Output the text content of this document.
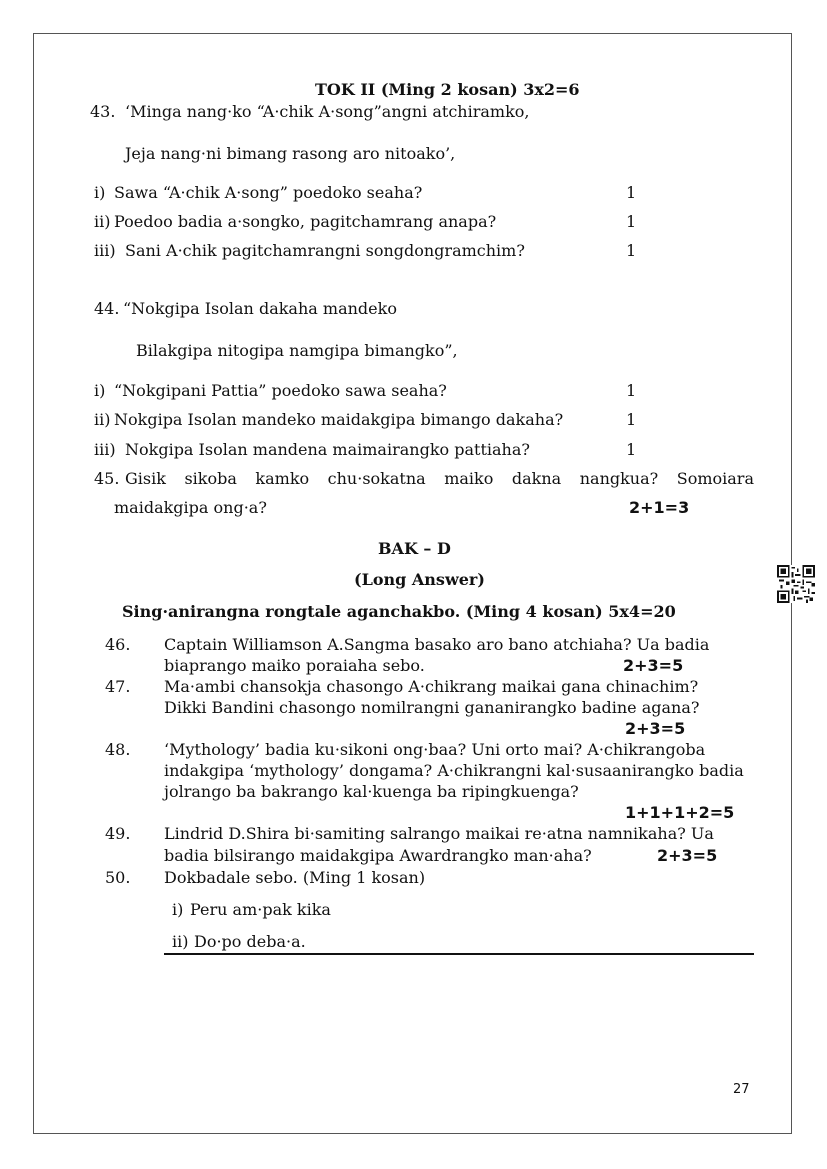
TOK II (Ming 2 kosan) 3x2=6
43. ‘Minga nang·ko “A·chik A·song”angni atchiramko,
Jeja nang·ni bimang rasong aro nitoako’,
i) Sawa “A·chik A·song” poedoko seaha?	1
ii) Poedoo badia a·songko, pagitchamrang anapa?	1
iii) Sani A·chik pagitchamrangni songdongramchim?	1
44. “Nokgipa Isolan dakaha mandeko
Bilakgipa nitogipa namgipa bimangko”,
i) “Nokgipani Pattia” poedoko sawa seaha?	1
ii) Nokgipa Isolan mandeko maidakgipa bimango dakaha?	1
iii) Nokgipa Isolan mandena maimairangko pattiaha?	1
45. Gisik sikoba kamko chu·sokatna maiko dakna nangkua? Somoiara
maidakgipa ong·a?	2+1=3
BAK – D
(Long Answer)
Sing·anirangna rongtale aganchakbo. (Ming 4 kosan) 5x4=20
46. Captain Williamson A.Sangma basako aro bano atchiaha? Ua badia
biaprango maiko poraiaha sebo.	2+3=5
47. Ma·ambi chansokja chasongo A·chikrang maikai gana chinachim?
Dikki Bandini chasongo nomilrangni gananirangko badine agana?
2+3=5
48. ‘Mythology’ badia ku·sikoni ong·baa? Uni orto mai? A·chikrangoba
indakgipa ‘mythology’ dongama? A·chikrangni kal·susaanirangko badia
jolrango ba bakrango kal·kuenga ba ripingkuenga?
1+1+1+2=5
49. Lindrid D.Shira bi·samiting salrango maikai re·atna namnikaha? Ua
badia bilsirango maidakgipa Awardrangko man·aha?	2+3=5
50. Dokbadale sebo. (Ming 1 kosan)
i) Peru am·pak kika
ii) Do·po deba·a.
27
